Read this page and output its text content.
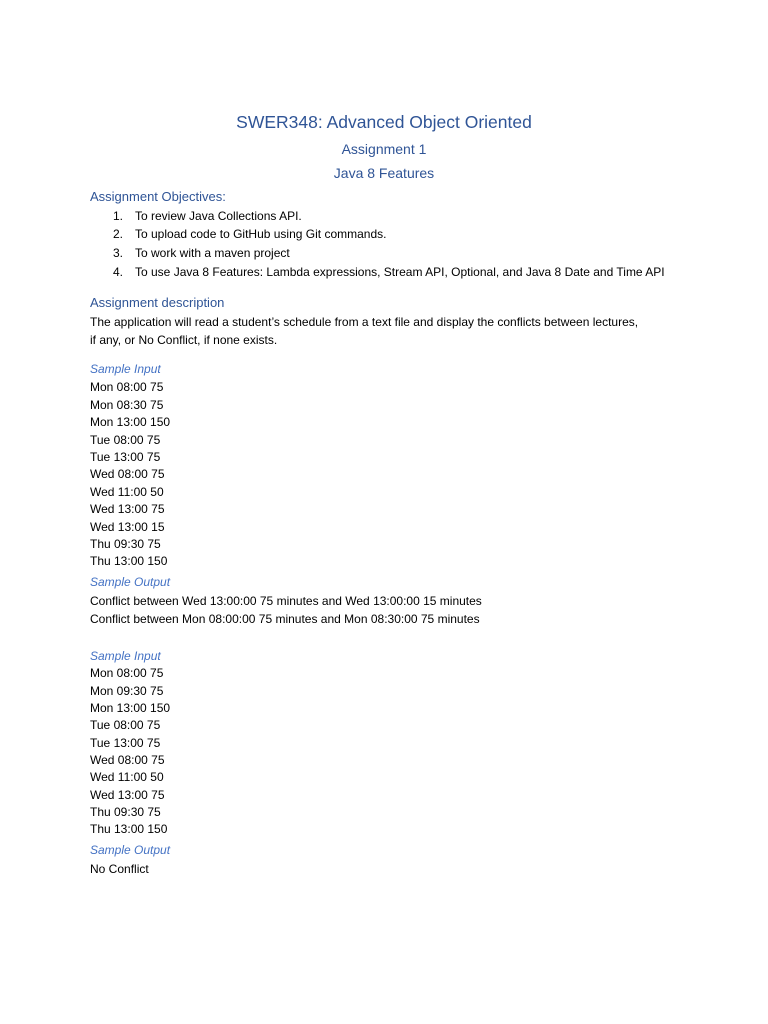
SWER348: Advanced Object Oriented
Assignment 1
Java 8 Features
Assignment Objectives:
1. To review Java Collections API.
2. To upload code to GitHub using Git commands.
3. To work with a maven project
4. To use Java 8 Features: Lambda expressions, Stream API, Optional, and Java 8 Date and Time API
Assignment description
The application will read a student’s schedule from a text file and display the conflicts between lectures,
if any, or No Conflict, if none exists.
Sample Input
Mon 08:00 75
Mon 08:30 75
Mon 13:00 150
Tue 08:00 75
Tue 13:00 75
Wed 08:00 75
Wed 11:00 50
Wed 13:00 75
Wed 13:00 15
Thu 09:30 75
Thu 13:00 150
Sample Output
Conflict between Wed 13:00:00 75 minutes and Wed 13:00:00 15 minutes
Conflict between Mon 08:00:00 75 minutes and Mon 08:30:00 75 minutes
Sample Input
Mon 08:00 75
Mon 09:30 75
Mon 13:00 150
Tue 08:00 75
Tue 13:00 75
Wed 08:00 75
Wed 11:00 50
Wed 13:00 75
Thu 09:30 75
Thu 13:00 150
Sample Output
No Conflict
